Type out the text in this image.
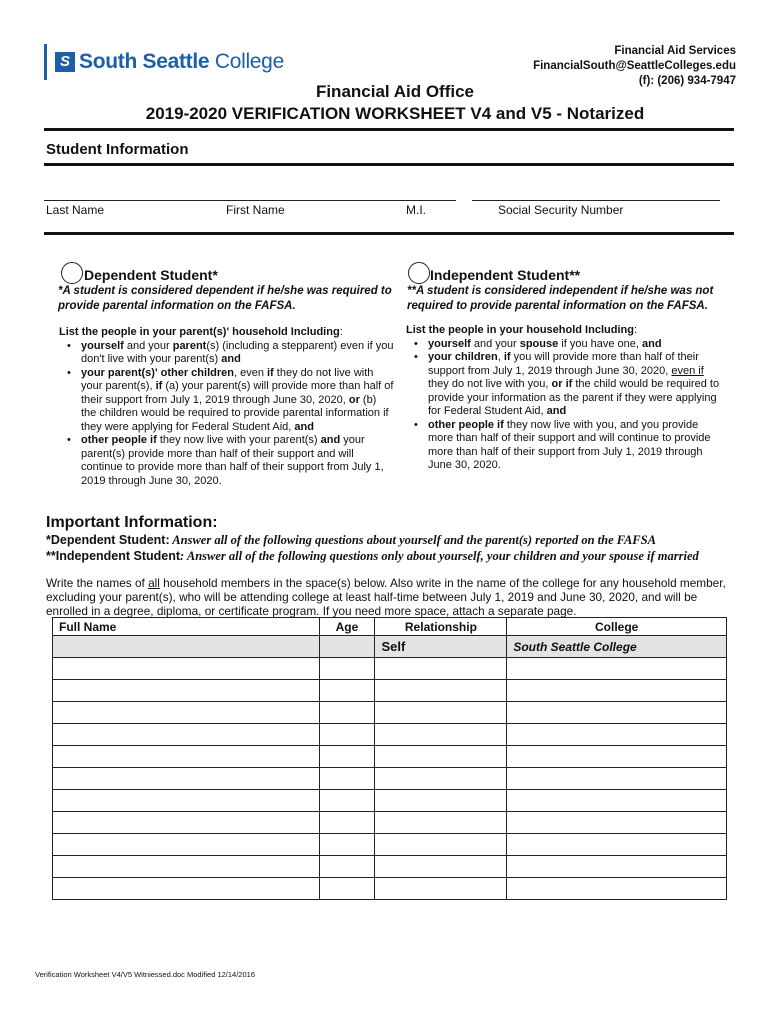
S South Seattle College	Financial Aid Services
FinancialSouth@SeattleColleges.edu
(f): (206) 934-7947
Financial Aid Office
2019-2020 VERIFICATION WORKSHEET V4 and V5 - Notarized
Student Information
Last Name	First Name	M.I.	Social Security Number
Dependent Student*
*A student is considered dependent if he/she was required to provide parental information on the FAFSA.
List the people in your parent(s)' household Including:
• yourself and your parent(s) (including a stepparent) even if you don't live with your parent(s) and
• your parent(s)' other children, even if they do not live with your parent(s), if (a) your parent(s) will provide more than half of their support from July 1, 2019 through June 30, 2020, or (b) the children would be required to provide parental information if they were applying for Federal Student Aid, and
• other people if they now live with your parent(s) and your parent(s) provide more than half of their support and will continue to provide more than half of their support from July 1, 2019 through June 30, 2020.
Independent Student**
**A student is considered independent if he/she was not required to provide parental information on the FAFSA.
List the people in your household Including:
• yourself and your spouse if you have one, and
• your children, if you will provide more than half of their support from July 1, 2019 through June 30, 2020, even if they do not live with you, or if the child would be required to provide your information as the parent if they were applying for Federal Student Aid, and
• other people if they now live with you, and you provide more than half of their support and will continue to provide more than half of their support from July 1, 2019 through June 30, 2020.
Important Information:
*Dependent Student: Answer all of the following questions about yourself and the parent(s) reported on the FAFSA
**Independent Student: Answer all of the following questions only about yourself, your children and your spouse if married
Write the names of all household members in the space(s) below. Also write in the name of the college for any household member, excluding your parent(s), who will be attending college at least half-time between July 1, 2019 and June 30, 2020, and will be enrolled in a degree, diploma, or certificate program. If you need more space, attach a separate page.
Full Name	Age	Relationship	College
		Self	South Seattle College

Verification Worksheet V4/V5 Witniessed.doc Modified 12/14/2016
